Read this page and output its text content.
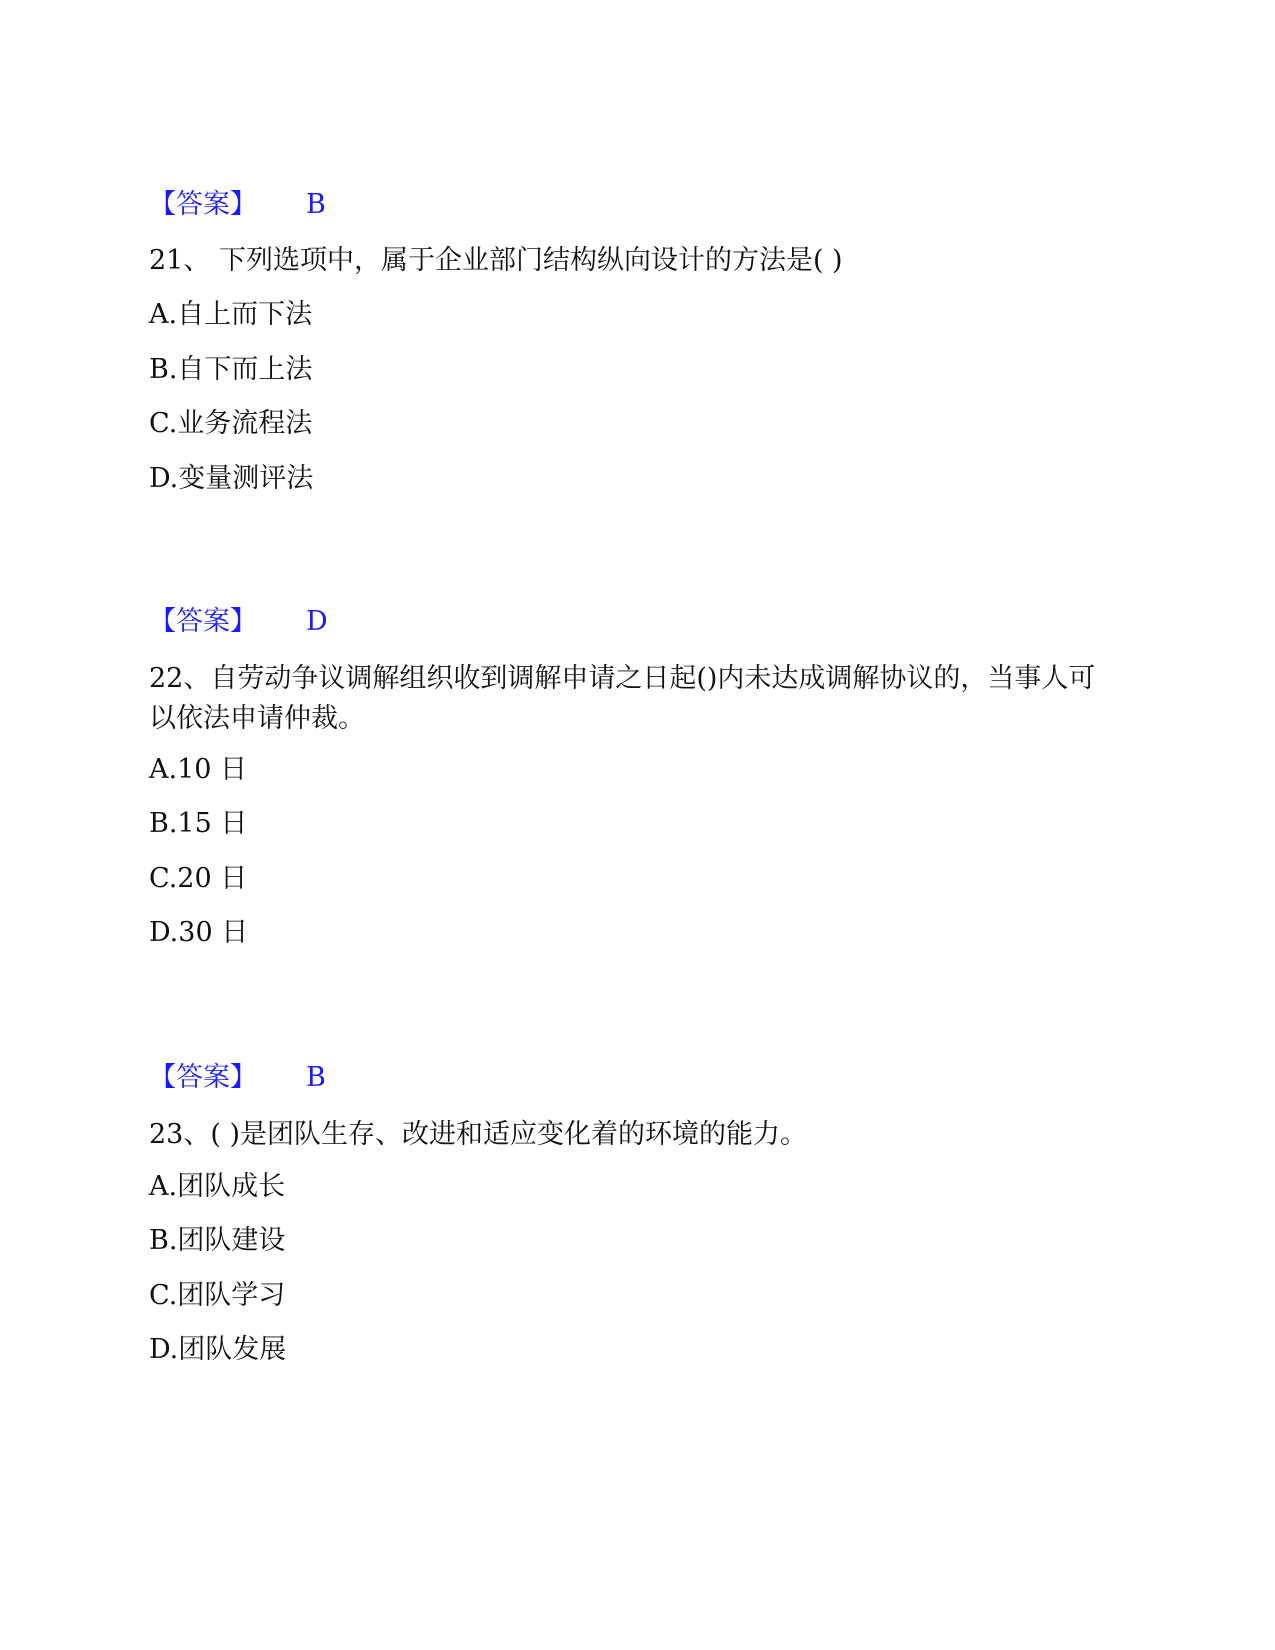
【答案】 B
21、 下列选项中，属于企业部门结构纵向设计的方法是( )
A.自上而下法
B.自下而上法
C.业务流程法
D.变量测评法
【答案】 D
22、自劳动争议调解组织收到调解申请之日起()内未达成调解协议的，当事人可以依法申请仲裁。
A.10 日
B.15 日
C.20 日
D.30 日
【答案】 B
23、( )是团队生存、改进和适应变化着的环境的能力。
A.团队成长
B.团队建设
C.团队学习
D.团队发展
